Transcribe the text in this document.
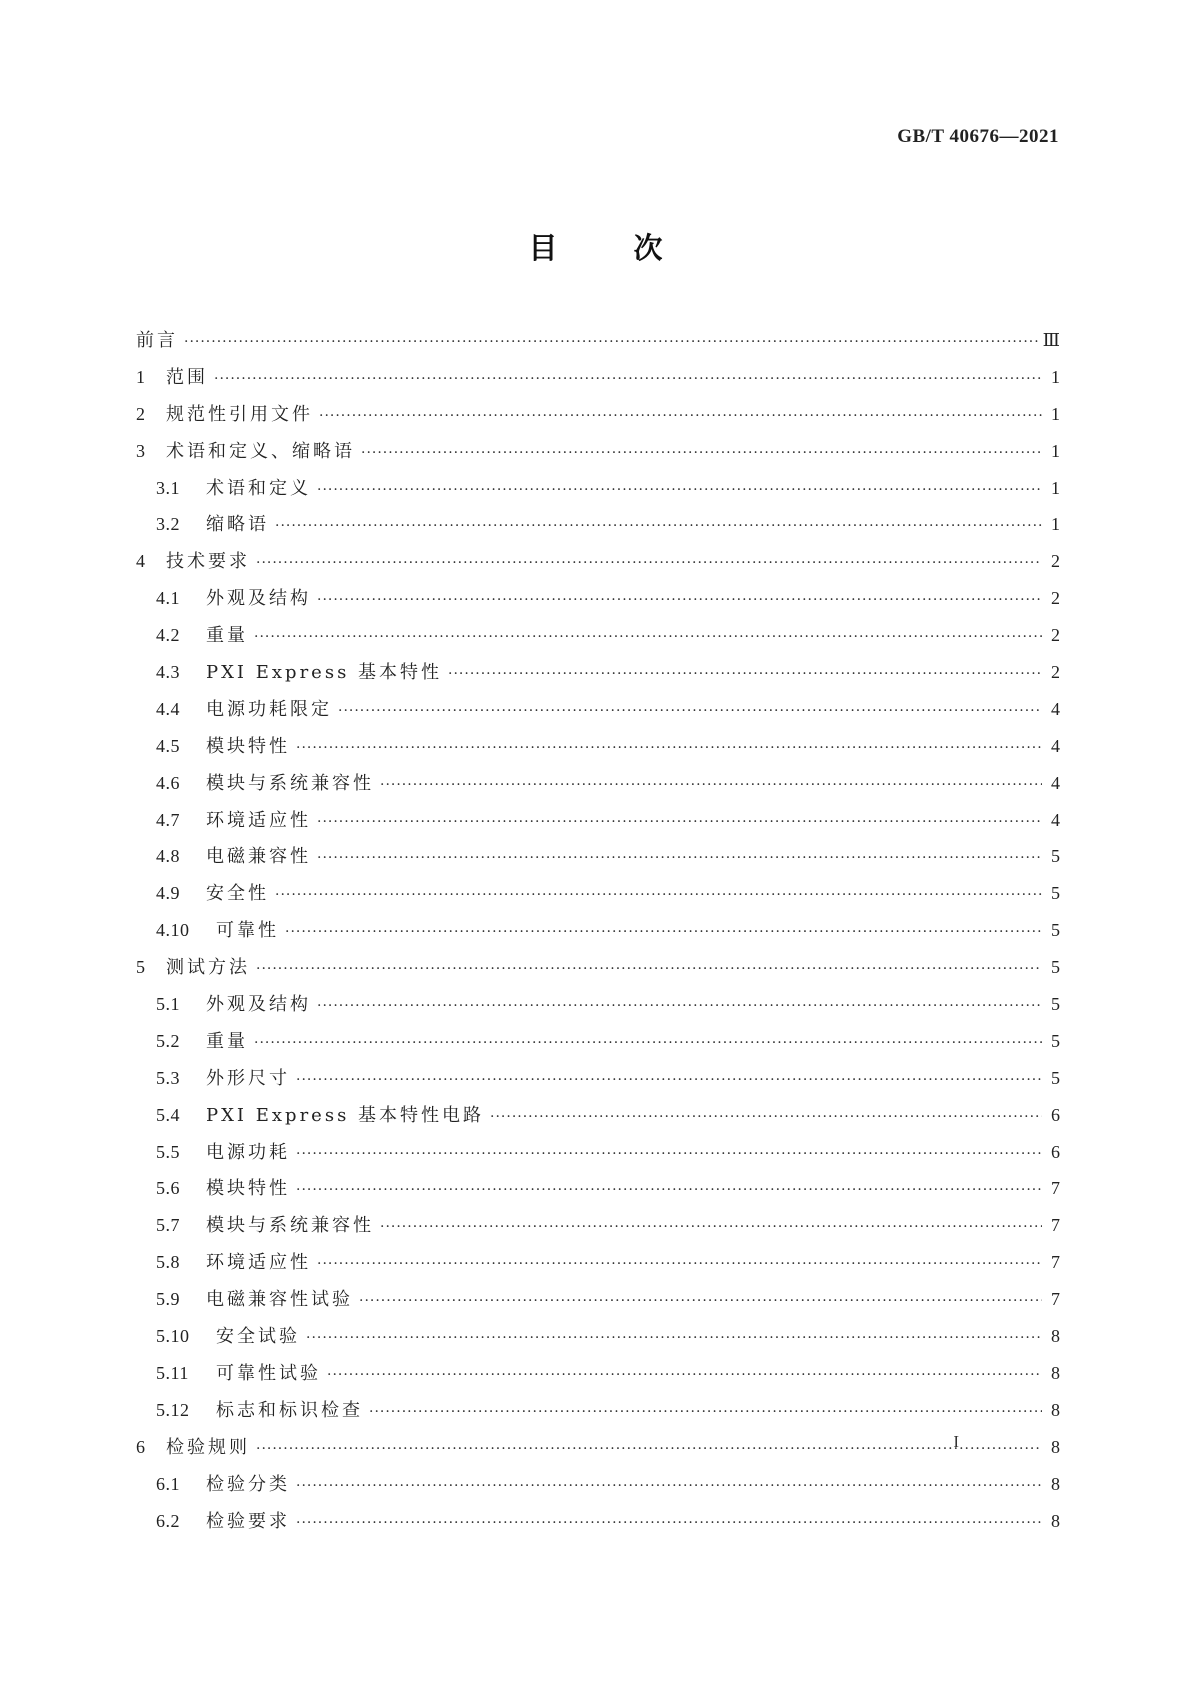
GB/T 40676—2021
目次
前言 ·····	Ⅲ
1	范围 ·····	1
2	规范性引用文件 ·····	1
3	术语和定义、缩略语 ·····	1
3.1	术语和定义 ·····	1
3.2	缩略语 ·····	1
4	技术要求 ·····	2
4.1	外观及结构 ·····	2
4.2	重量 ·····	2
4.3	PXI Express 基本特性 ·····	2
4.4	电源功耗限定 ·····	4
4.5	模块特性 ·····	4
4.6	模块与系统兼容性 ·····	4
4.7	环境适应性 ·····	4
4.8	电磁兼容性 ·····	5
4.9	安全性 ·····	5
4.10	可靠性 ·····	5
5	测试方法 ·····	5
5.1	外观及结构 ·····	5
5.2	重量 ·····	5
5.3	外形尺寸 ·····	5
5.4	PXI Express 基本特性电路 ·····	6
5.5	电源功耗 ·····	6
5.6	模块特性 ·····	7
5.7	模块与系统兼容性 ·····	7
5.8	环境适应性 ·····	7
5.9	电磁兼容性试验 ·····	7
5.10	安全试验 ·····	8
5.11	可靠性试验 ·····	8
5.12	标志和标识检查 ·····	8
6	检验规则 ·····	8
6.1	检验分类 ·····	8
6.2	检验要求 ·····	8
I
